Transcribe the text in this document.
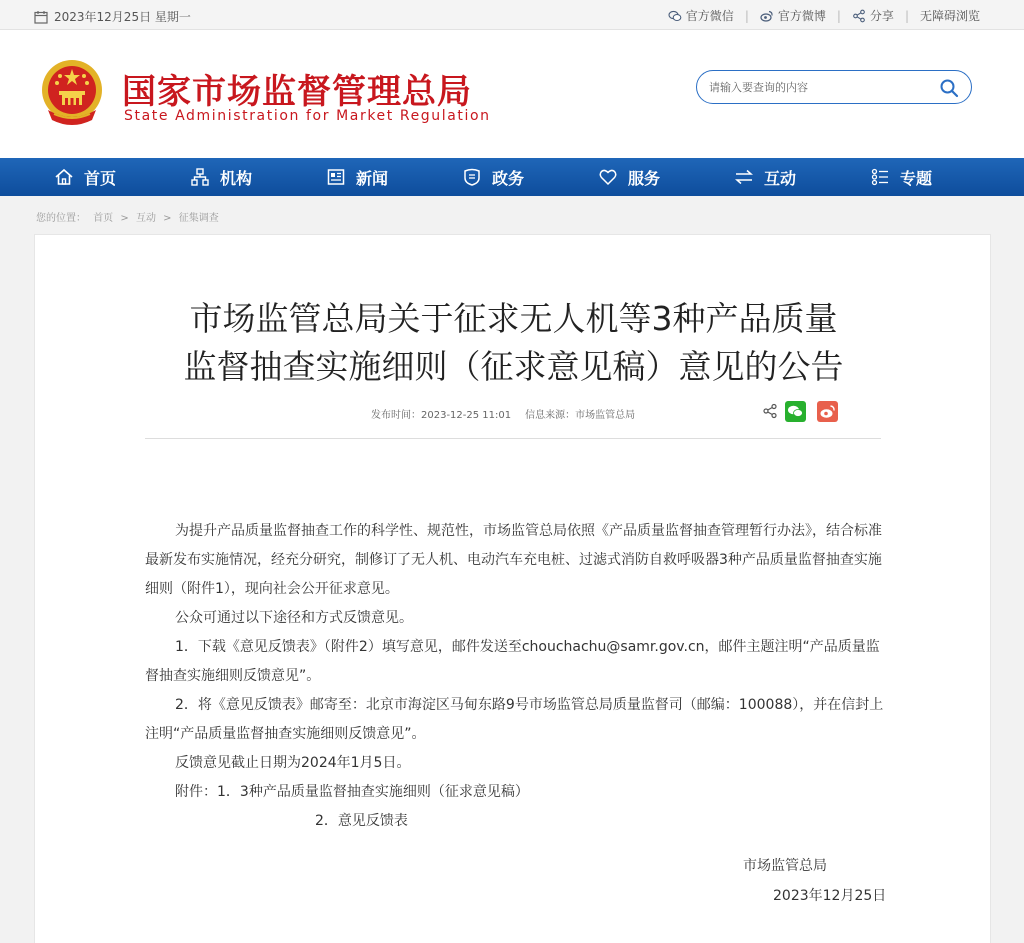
2023年12月25日 星期一	官方微信 | 官方微博 | 分享 | 无障碍浏览
国家市场监督管理总局
State Administration for Market Regulation
请输入要查询的内容
首页	机构	新闻	政务	服务	互动	专题
您的位置： 首页 > 互动 > 征集调查
市场监管总局关于征求无人机等3种产品质量
监督抽查实施细则（征求意见稿）意见的公告
发布时间：2023-12-25 11:01 信息来源：市场监管总局

为提升产品质量监督抽查工作的科学性、规范性，市场监管总局依照《产品质量监督抽查管理暂行办法》，结合标准最新发布实施情况，经充分研究，制修订了无人机、电动汽车充电桩、过滤式消防自救呼吸器3种产品质量监督抽查实施细则（附件1），现向社会公开征求意见。

公众可通过以下途径和方式反馈意见。

1．下载《意见反馈表》（附件2）填写意见，邮件发送至chouchachu@samr.gov.cn，邮件主题注明“产品质量监督抽查实施细则反馈意见”。

2．将《意见反馈表》邮寄至：北京市海淀区马甸东路9号市场监管总局质量监督司（邮编：100088），并在信封上注明“产品质量监督抽查实施细则反馈意见”。

反馈意见截止日期为2024年1月5日。

附件：1．3种产品质量监督抽查实施细则（征求意见稿）

2．意见反馈表

市场监管总局
2023年12月25日
